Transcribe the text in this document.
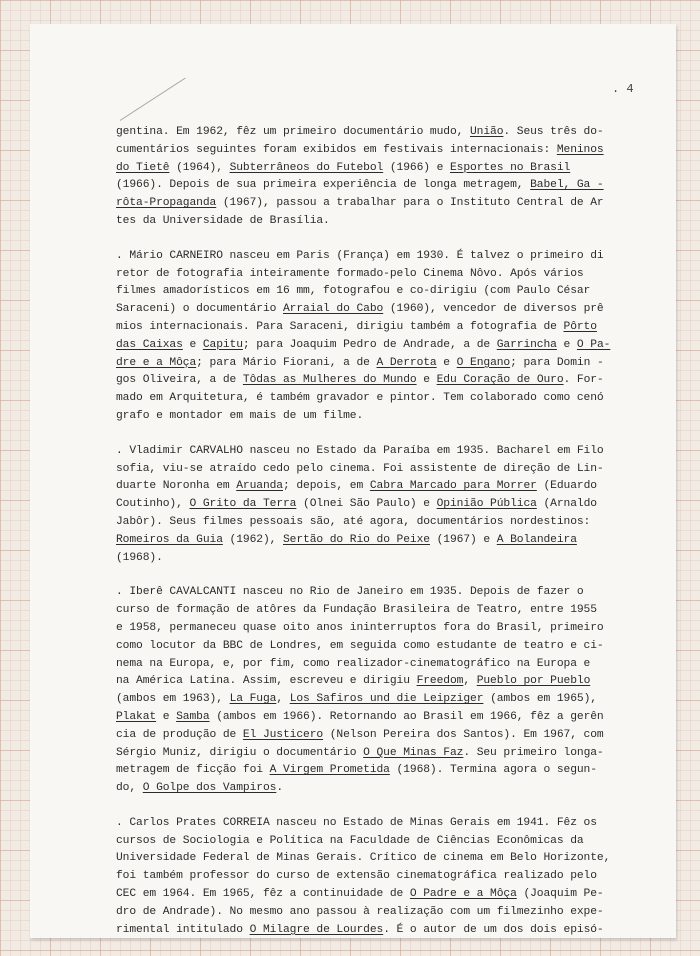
. 4
gentina. Em 1962, fêz um primeiro documentário mudo, União. Seus três do-
cumentários seguintes foram exibidos em festivais internacionais: Meninos
do Tietê (1964), Subterrâneos do Futebol (1966) e Esportes no Brasil
(1966). Depois de sua primeira experiência de longa metragem, Babel, Ga -
rôta-Propaganda (1967), passou a trabalhar para o Instituto Central de Ar
tes da Universidade de Brasília.
. Mário CARNEIRO nasceu em Paris (França) em 1930. É talvez o primeiro di
retor de fotografia inteiramente formado-pelo Cinema Nôvo. Após vários
filmes amadorísticos em 16 mm, fotografou e co-dirigiu (com Paulo César
Saraceni) o documentário Arraial do Cabo (1960), vencedor de diversos prê
mios internacionais. Para Saraceni, dirigiu também a fotografia de Pôrto
das Caixas e Capitu; para Joaquim Pedro de Andrade, a de Garrincha e O Pa-
dre e a Môça; para Mário Fiorani, a de A Derrota e O Engano; para Domin -
gos Oliveira, a de Tôdas as Mulheres do Mundo e Edu Coração de Ouro. For-
mado em Arquitetura, é também gravador e pintor. Tem colaborado como cenó
grafo e montador em mais de um filme.
. Vladimir CARVALHO nasceu no Estado da Paraíba em 1935. Bacharel em Filo
sofia, viu-se atraído cedo pelo cinema. Foi assistente de direção de Lin-
duarte Noronha em Aruanda; depois, em Cabra Marcado para Morrer (Eduardo
Coutinho), O Grito da Terra (Olnei São Paulo) e Opinião Pública (Arnaldo
Jabôr). Seus filmes pessoais são, até agora, documentários nordestinos:
Romeiros da Guia (1962), Sertão do Rio do Peixe (1967) e A Bolandeira
(1968).
. Iberê CAVALCANTI nasceu no Rio de Janeiro em 1935. Depois de fazer o
curso de formação de atôres da Fundação Brasileira de Teatro, entre 1955
e 1958, permaneceu quase oito anos ininterruptos fora do Brasil, primeiro
como locutor da BBC de Londres, em seguida como estudante de teatro e ci-
nema na Europa, e, por fim, como realizador-cinematográfico na Europa e
na América Latina. Assim, escreveu e dirigiu Freedom, Pueblo por Pueblo
(ambos em 1963), La Fuga, Los Safiros und die Leipziger (ambos em 1965),
Plakat e Samba (ambos em 1966). Retornando ao Brasil em 1966, fêz a gerên
cia de produção de El Justicero (Nelson Pereira dos Santos). Em 1967, com
Sérgio Muniz, dirigiu o documentário O Que Minas Faz. Seu primeiro longa-
metragem de ficção foi A Virgem Prometida (1968). Termina agora o segun-
do, O Golpe dos Vampiros.
. Carlos Prates CORREIA nasceu no Estado de Minas Gerais em 1941. Fêz os
cursos de Sociologia e Política na Faculdade de Ciências Econômicas da
Universidade Federal de Minas Gerais. Crítico de cinema em Belo Horizonte,
foi também professor do curso de extensão cinematográfica realizado pelo
CEC em 1964. Em 1965, fêz a continuidade de O Padre e a Môça (Joaquim Pe-
dro de Andrade). No mesmo ano passou à realização com um filmezinho expe-
rimental intitulado O Milagre de Lourdes. É o autor de um dos dois episó-
